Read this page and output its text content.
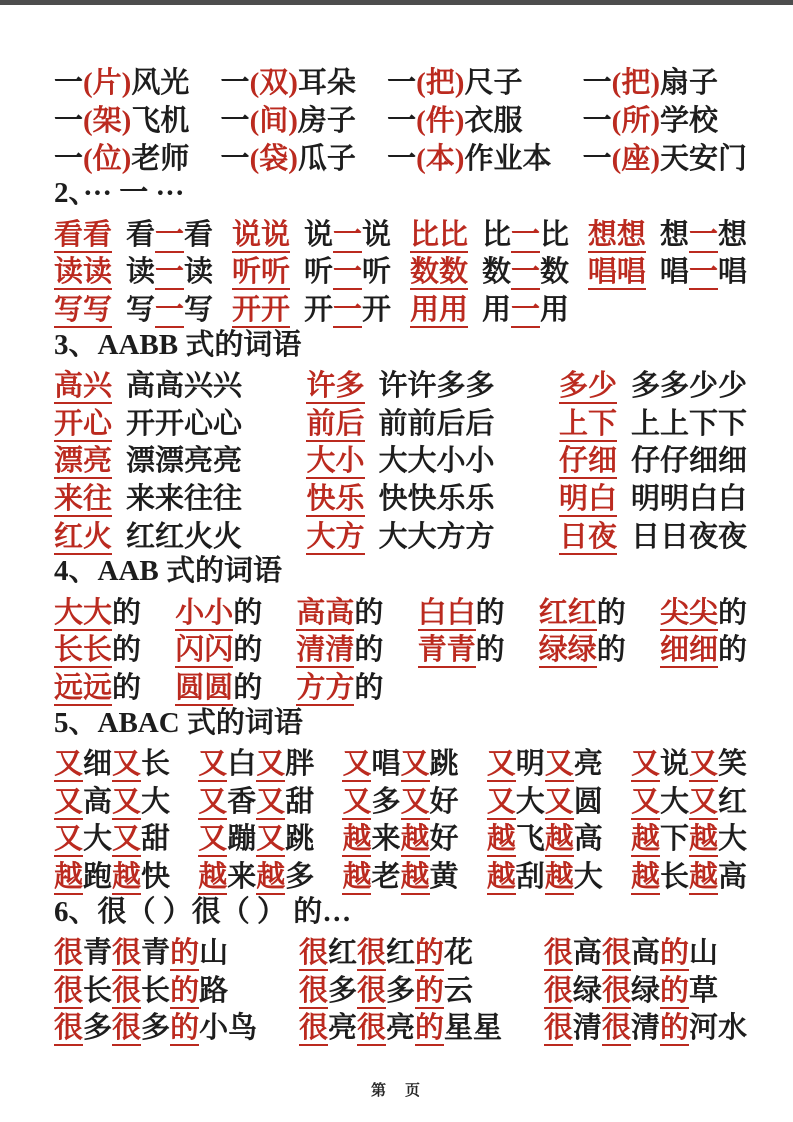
一(片)风光 一(双)耳朵 一(把)尺子 一(把)扇子
一(架)飞机 一(间)房子 一(件)衣服 一(所)学校
一(位)老师 一(袋)瓜子 一(本)作业本 一(座)天安门
2、··· 一 ···
看看 看一看 说说 说一说 比比 比一比 想想 想一想
读读 读一读 听听 听一听 数数 数一数 唱唱 唱一唱
写写 写一写 开开 开一开 用用 用一用
3、AABB 式的词语
高兴 高高兴兴 许多 许许多多 多少 多多少少
开心 开开心心 前后 前前后后 上下 上上下下
漂亮 漂漂亮亮 大小 大大小小 仔细 仔仔细细
来往 来来往往 快乐 快快乐乐 明白 明明白白
红火 红红火火 大方 大大方方 日夜 日日夜夜
4、AAB 式的词语
大大的 小小的 高高的 白白的 红红的 尖尖的
长长的 闪闪的 清清的 青青的 绿绿的 细细的
远远的 圆圆的 方方的
5、ABAC 式的词语
又细又长 又白又胖 又唱又跳 又明又亮 又说又笑
又高又大 又香又甜 又多又好 又大又圆 又大又红
又大又甜 又蹦又跳 越来越好 越飞越高 越下越大
越跑越快 越来越多 越老越黄 越刮越大 越长越高
6、很（ ）很（ ） 的…
很青很青的山 很红很红的花 很高很高的山
很长很长的路 很多很多的云 很绿很绿的草
很多很多的小鸟 很亮很亮的星星 很清很清的河水
第　页
